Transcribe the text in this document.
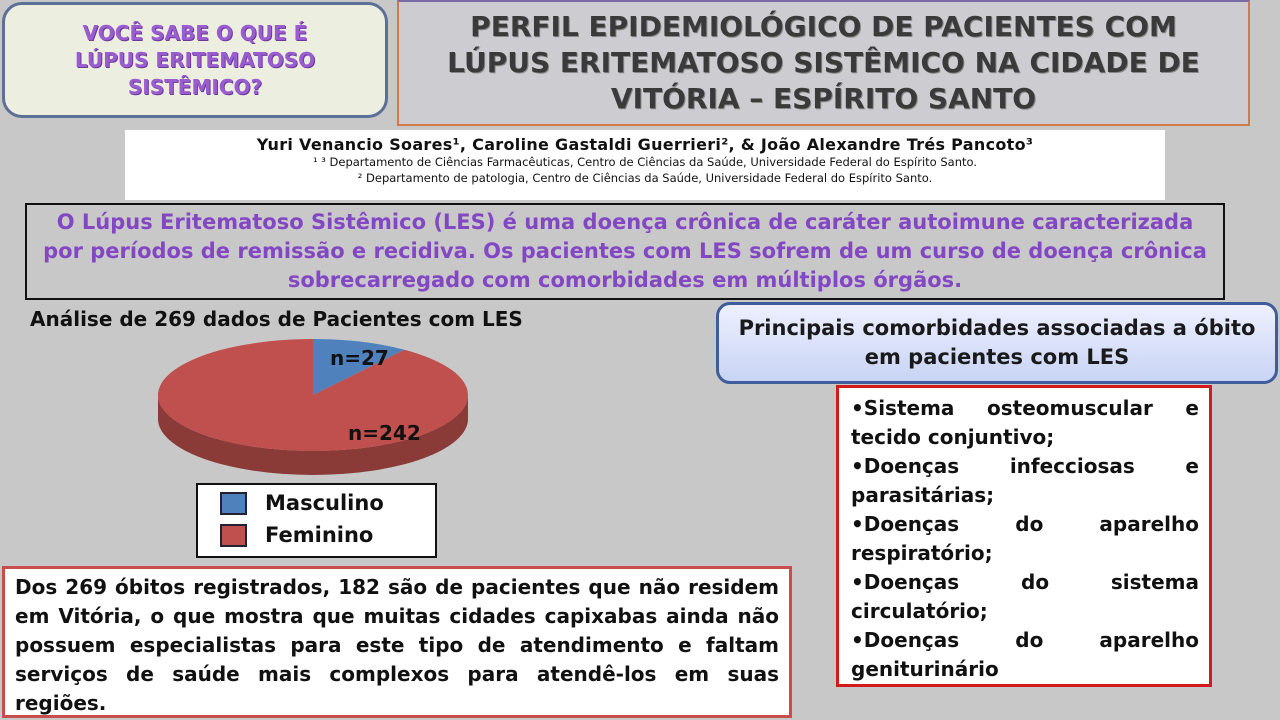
VOCÊ SABE O QUE É LÚPUS ERITEMATOSO SISTÊMICO?
PERFIL EPIDEMIOLÓGICO DE PACIENTES COM LÚPUS ERITEMATOSO SISTÊMICO NA CIDADE DE VITÓRIA – ESPÍRITO SANTO
Yuri Venancio Soares¹, Caroline Gastaldi Guerrieri², & João Alexandre Trés Pancoto³
¹ ³ Departamento de Ciências Farmacêuticas, Centro de Ciências da Saúde, Universidade Federal do Espírito Santo.
² Departamento de patologia, Centro de Ciências da Saúde, Universidade Federal do Espírito Santo.
O Lúpus Eritematoso Sistêmico (LES) é uma doença crônica de caráter autoimune caracterizada por períodos de remissão e recidiva. Os pacientes com LES sofrem de um curso de doença crônica sobrecarregado com comorbidades em múltiplos órgãos.
Análise de 269 dados de Pacientes com LES
n=27
n=242
Masculino
Feminino
Principais comorbidades associadas a óbito em pacientes com LES

•Sistema osteomuscular e tecido conjuntivo;

•Doenças infecciosas e parasitárias;

•Doenças do aparelho respiratório;

•Doenças do sistema circulatório;

•Doenças do aparelho geniturinário

Dos 269 óbitos registrados, 182 são de pacientes que não residem em Vitória, o que mostra que muitas cidades capixabas ainda não possuem especialistas para este tipo de atendimento e faltam serviços de saúde mais complexos para atendê-los em suas regiões.
